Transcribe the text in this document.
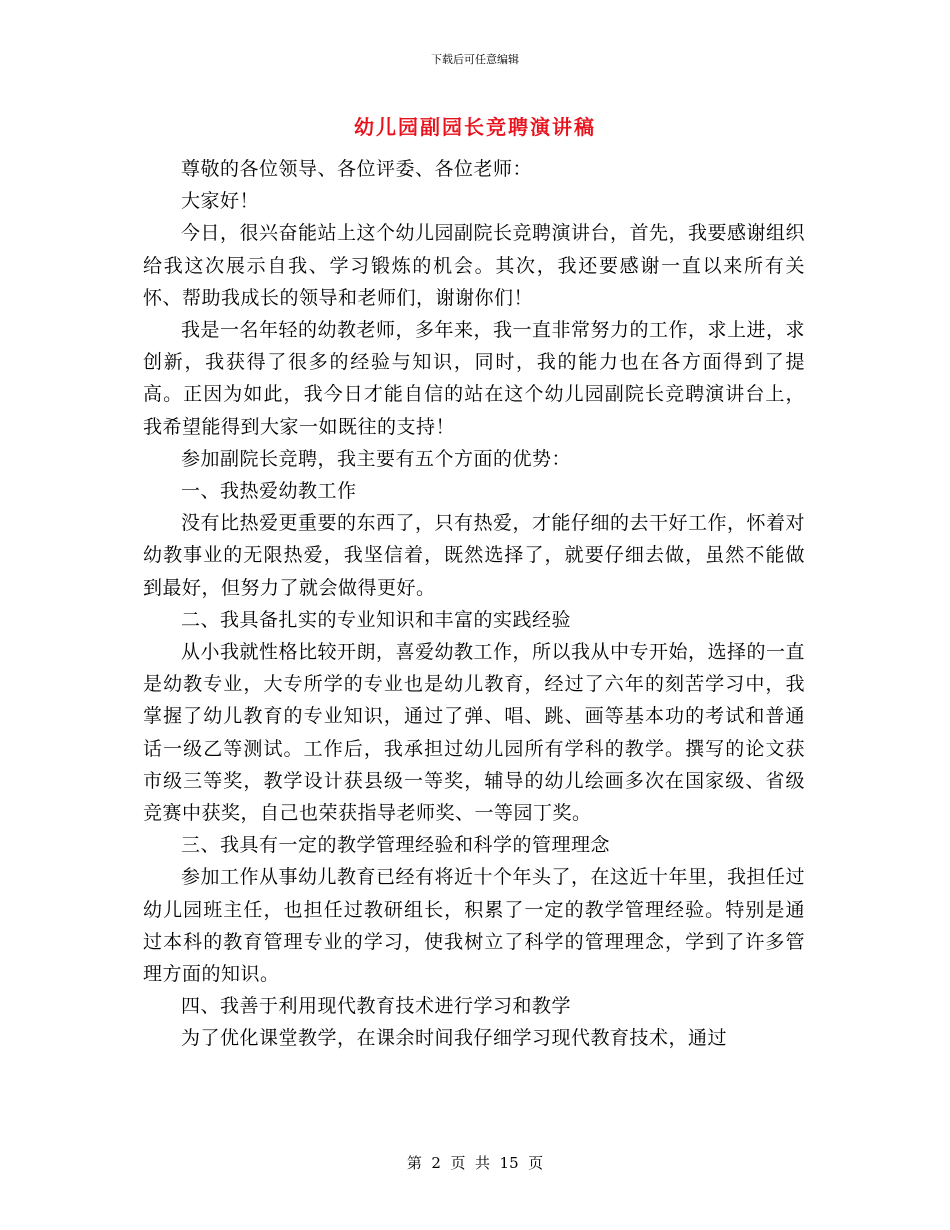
下载后可任意编辑
幼儿园副园长竞聘演讲稿

尊敬的各位领导、各位评委、各位老师：

大家好！

今日，很兴奋能站上这个幼儿园副院长竞聘演讲台，首先，我要感谢组织给我这次展示自我、学习锻炼的机会。其次，我还要感谢一直以来所有关怀、帮助我成长的领导和老师们，谢谢你们！

我是一名年轻的幼教老师，多年来，我一直非常努力的工作，求上进，求创新，我获得了很多的经验与知识，同时，我的能力也在各方面得到了提高。正因为如此，我今日才能自信的站在这个幼儿园副院长竞聘演讲台上，我希望能得到大家一如既往的支持！

参加副院长竞聘，我主要有五个方面的优势：

一、我热爱幼教工作

没有比热爱更重要的东西了，只有热爱，才能仔细的去干好工作，怀着对幼教事业的无限热爱，我坚信着，既然选择了，就要仔细去做，虽然不能做到最好，但努力了就会做得更好。

二、我具备扎实的专业知识和丰富的实践经验

从小我就性格比较开朗，喜爱幼教工作，所以我从中专开始，选择的一直是幼教专业，大专所学的专业也是幼儿教育，经过了六年的刻苦学习中，我掌握了幼儿教育的专业知识，通过了弹、唱、跳、画等基本功的考试和普通话一级乙等测试。工作后，我承担过幼儿园所有学科的教学。撰写的论文获市级三等奖，教学设计获县级一等奖，辅导的幼儿绘画多次在国家级、省级竞赛中获奖，自己也荣获指导老师奖、一等园丁奖。

三、我具有一定的教学管理经验和科学的管理理念

参加工作从事幼儿教育已经有将近十个年头了，在这近十年里，我担任过幼儿园班主任，也担任过教研组长，积累了一定的教学管理经验。特别是通过本科的教育管理专业的学习，使我树立了科学的管理理念，学到了许多管理方面的知识。

四、我善于利用现代教育技术进行学习和教学

为了优化课堂教学，在课余时间我仔细学习现代教育技术，通过

第  2  页  共  15  页
